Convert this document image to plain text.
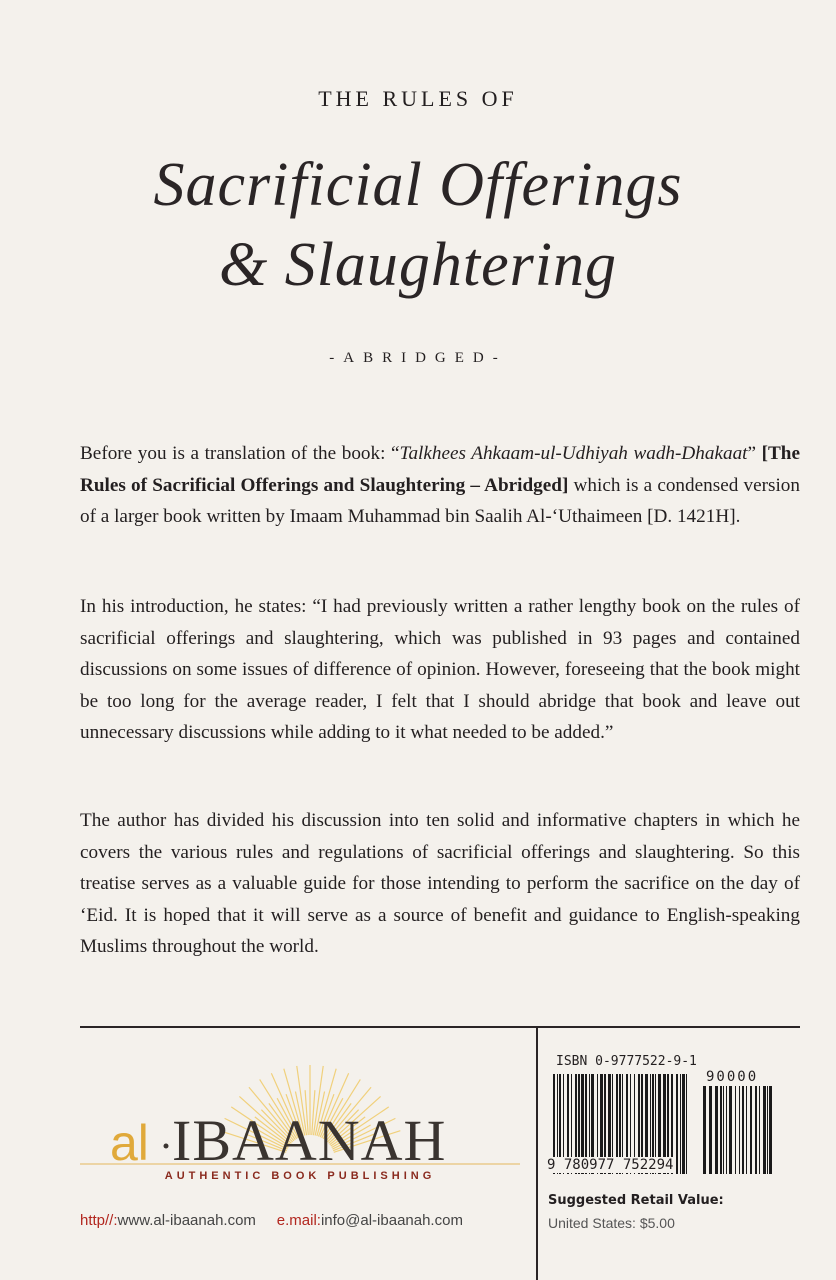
THE RULES OF
Sacrificial Offerings
& Slaughtering
-ABRIDGED-

Before you is a translation of the book: “Talkhees Ahkaam-ul-Udhiyah wadh-Dhakaat” [The Rules of Sacrificial Offerings and Slaughtering – Abridged] which is a condensed version of a larger book written by Imaam Muhammad bin Saalih Al-‘Uthaimeen [D. 1421H].

In his introduction, he states: “I had previously written a rather lengthy book on the rules of sacrificial offerings and slaughtering, which was published in 93 pages and contained discussions on some issues of difference of opinion. However, foreseeing that the book might be too long for the average reader, I felt that I should abridge that book and leave out unnecessary discussions while adding to it what needed to be added.”

The author has divided his discussion into ten solid and informative chapters in which he covers the various rules and regulations of sacrificial offerings and slaughtering. So this treatise serves as a valuable guide for those intending to perform the sacrifice on the day of ‘Eid. It is hoped that it will serve as a source of benefit and guidance to English-speaking Muslims throughout the world.

al IBAANAH
AUTHENTIC BOOK PUBLISHING
http//:www.al-ibaanah.com e.mail:info@al-ibaanah.com
ISBN 0-9777522-9-1
90000
9 780977 752294
Suggested Retail Value:
United States: $5.00
